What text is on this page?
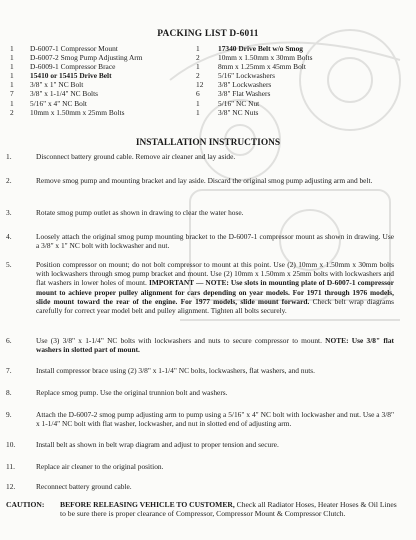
PACKING LIST D-6011
1	D-6007-1 Compressor Mount	1	17340 Drive Belt w/o Smog
1	D-6007-2 Smog Pump Adjusting Arm	2	10mm x 1.50mm x 30mm Bolts
1	D-6009-1 Compressor Brace	1	8mm x 1.25mm x 45mm Bolt
1	15410 or 15415 Drive Belt	2	5/16" Lockwashers
1	3/8" x 1" NC Bolt	12	3/8" Lockwashers
7	3/8" x 1-1/4" NC Bolts	6	3/8" Flat Washers
1	5/16" x 4" NC Bolt	1	5/16" NC Nut
2	10mm x 1.50mm x 25mm Bolts	1	3/8" NC Nuts
INSTALLATION INSTRUCTIONS
1.	Disconnect battery ground cable. Remove air cleaner and lay aside.
2.	Remove smog pump and mounting bracket and lay aside. Discard the original smog pump adjusting arm and belt.
3.	Rotate smog pump outlet as shown in drawing to clear the water hose.
4.	Loosely attach the original smog pump mounting bracket to the D-6007-1 compressor mount as shown in drawing. Use a 3/8" x 1" NC bolt with lockwasher and nut.
5.	Position compressor on mount; do not bolt compressor to mount at this point. Use (2) 10mm x 1.50mm x 30mm bolts with lockwashers through smog pump bracket and mount. Use (2) 10mm x 1.50mm x 25mm bolts with lockwashers and flat washers in lower holes of mount. IMPORTANT — NOTE: Use slots in mounting plate of D-6007-1 compressor mount to achieve proper pulley alignment for cars depending on year models. For 1971 through 1976 models, slide mount toward the rear of the engine. For 1977 models, slide mount forward. Check belt wrap diagrams carefully for correct year model belt and pulley alignment. Tighten all bolts securely.
6.	Use (3) 3/8" x 1-1/4" NC bolts with lockwashers and nuts to secure compressor to mount. NOTE: Use 3/8" flat washers in slotted part of mount.
7.	Install compressor brace using (2) 3/8" x 1-1/4" NC bolts, lockwashers, flat washers, and nuts.
8.	Replace smog pump. Use the original trunnion bolt and washers.
9.	Attach the D-6007-2 smog pump adjusting arm to pump using a 5/16" x 4" NC bolt with lockwasher and nut. Use a 3/8" x 1-1/4" NC bolt with flat washer, lockwasher, and nut in slotted end of adjusting arm.
10.	Install belt as shown in belt wrap diagram and adjust to proper tension and secure.
11.	Replace air cleaner to the original position.
12.	Reconnect battery ground cable.
CAUTION:	BEFORE RELEASING VEHICLE TO CUSTOMER, Check all Radiator Hoses, Heater Hoses & Oil Lines to be sure there is proper clearance of Compressor, Compressor Mount & Compressor Clutch.
